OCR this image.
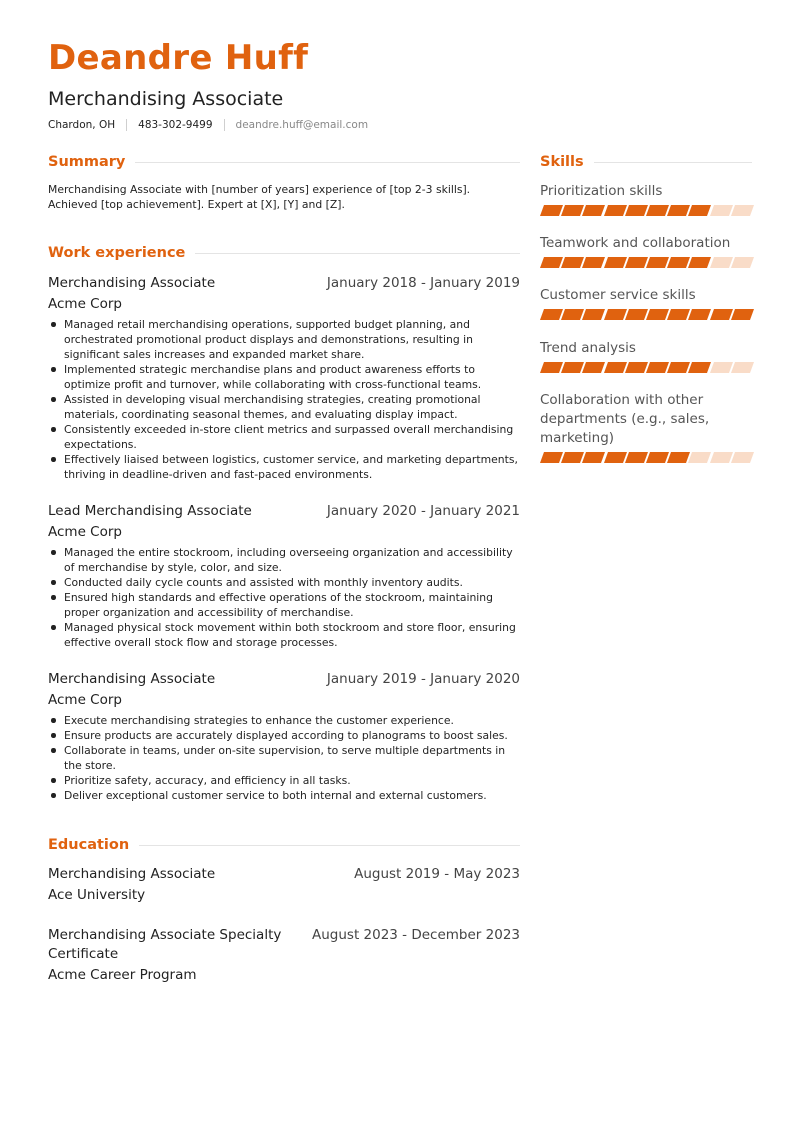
Deandre Huff
Merchandising Associate
Chardon, OH 483-302-9499 deandre.huff@email.com
Summary
Merchandising Associate with [number of years] experience of [top 2-3 skills]. Achieved [top achievement]. Expert at [X], [Y] and [Z].
Work experience
Merchandising Associate	January 2018 - January 2019
Acme Corp
Managed retail merchandising operations, supported budget planning, and orchestrated promotional product displays and demonstrations, resulting in significant sales increases and expanded market share.
Implemented strategic merchandise plans and product awareness efforts to optimize profit and turnover, while collaborating with cross-functional teams.
Assisted in developing visual merchandising strategies, creating promotional materials, coordinating seasonal themes, and evaluating display impact.
Consistently exceeded in-store client metrics and surpassed overall merchandising expectations.
Effectively liaised between logistics, customer service, and marketing departments, thriving in deadline-driven and fast-paced environments.
Lead Merchandising Associate	January 2020 - January 2021
Acme Corp
Managed the entire stockroom, including overseeing organization and accessibility of merchandise by style, color, and size.
Conducted daily cycle counts and assisted with monthly inventory audits.
Ensured high standards and effective operations of the stockroom, maintaining proper organization and accessibility of merchandise.
Managed physical stock movement within both stockroom and store floor, ensuring effective overall stock flow and storage processes.
Merchandising Associate	January 2019 - January 2020
Acme Corp
Execute merchandising strategies to enhance the customer experience.
Ensure products are accurately displayed according to planograms to boost sales.
Collaborate in teams, under on-site supervision, to serve multiple departments in the store.
Prioritize safety, accuracy, and efficiency in all tasks.
Deliver exceptional customer service to both internal and external customers.
Education
Merchandising Associate	August 2019 - May 2023
Ace University
Merchandising Associate Specialty Certificate
August 2023 - December 2023
Acme Career Program
Skills
Prioritization skills
Teamwork and collaboration
Customer service skills
Trend analysis
Collaboration with other departments (e.g., sales, marketing)
